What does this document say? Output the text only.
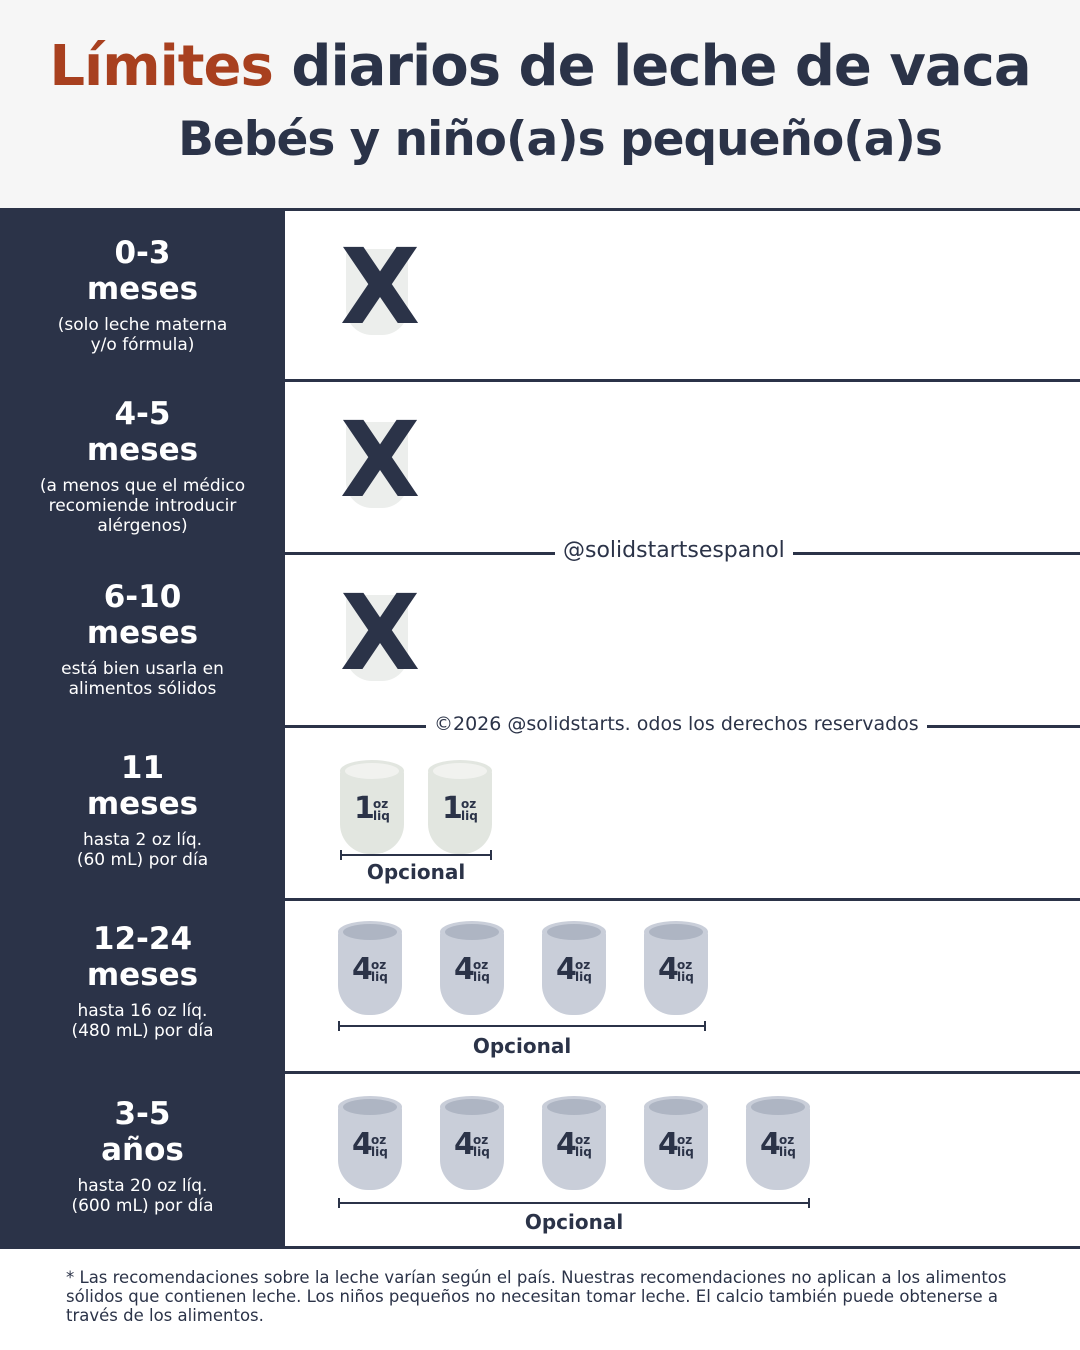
Límites diarios de leche de vaca
Bebés y niño(a)s pequeño(a)s
0-3
meses
(solo leche materna
y/o fórmula)	X
4-5
meses
(a menos que el médico
recomiende introducir
alérgenos)
X
@solidstartsespanol
6-10
meses
está bien usarla en
alimentos sólidos	X
©2026 @solidstarts. odos los derechos reservados
11
meses
hasta 2 oz líq.
(60 mL) por día
1
oz
liq 1
oz
liq
Opcional
12-24
meses
hasta 16 oz líq.
(480 mL) por día
4
oz
liq 4
oz
liq 4
oz
liq 4
oz
liq
Opcional
3-5
años
hasta 20 oz líq.
(600 mL) por día
4
oz
liq 4
oz
liq 4
oz
liq 4
oz
liq 4
oz
liq
Opcional
* Las recomendaciones sobre la leche varían según el país. Nuestras recomendaciones no aplican a los alimentos sólidos que contienen leche. Los niños pequeños no necesitan tomar leche. El calcio también puede obtenerse a través de los alimentos.
